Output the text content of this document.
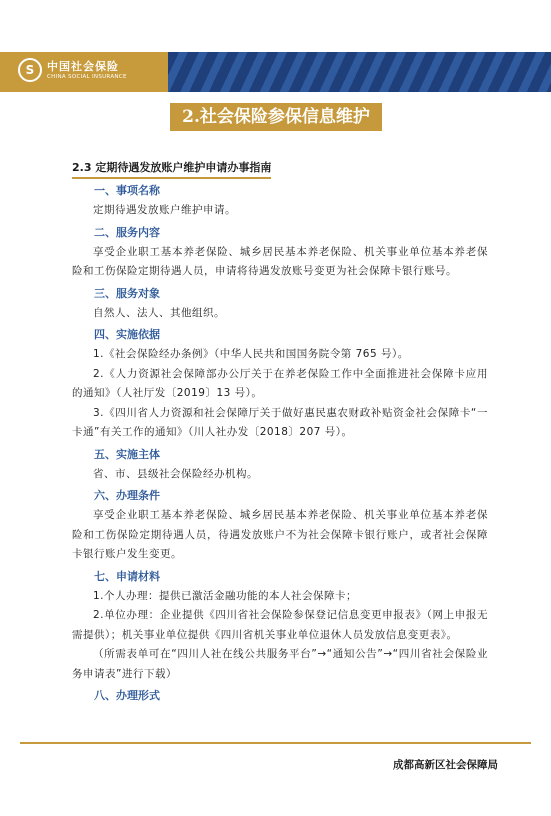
S	中国社会保险
CHINA SOCIAL INSURANCE
2.社会保险参保信息维护
2.3 定期待遇发放账户维护申请办事指南
一、事项名称
定期待遇发放账户维护申请。
二、服务内容
享受企业职工基本养老保险、城乡居民基本养老保险、机关事业单位基本养老保险和工伤保险定期待遇人员，申请将待遇发放账号变更为社会保障卡银行账号。
三、服务对象
自然人、法人、其他组织。
四、实施依据
1.《社会保险经办条例》（中华人民共和国国务院令第 765 号）。
2.《人力资源社会保障部办公厅关于在养老保险工作中全面推进社会保障卡应用的通知》（人社厅发〔2019〕13 号）。
3.《四川省人力资源和社会保障厅关于做好惠民惠农财政补贴资金社会保障卡“一卡通”有关工作的通知》（川人社办发〔2018〕207 号）。
五、实施主体
省、市、县级社会保险经办机构。
六、办理条件
享受企业职工基本养老保险、城乡居民基本养老保险、机关事业单位基本养老保险和工伤保险定期待遇人员，待遇发放账户不为社会保障卡银行账户，或者社会保障卡银行账户发生变更。
七、申请材料
1.个人办理：提供已激活金融功能的本人社会保障卡；
2.单位办理：企业提供《四川省社会保险参保登记信息变更申报表》（网上申报无需提供）；机关事业单位提供《四川省机关事业单位退休人员发放信息变更表》。
（所需表单可在“四川人社在线公共服务平台”→“通知公告”→“四川省社会保险业务申请表”进行下载）
八、办理形式
成都高新区社会保障局
